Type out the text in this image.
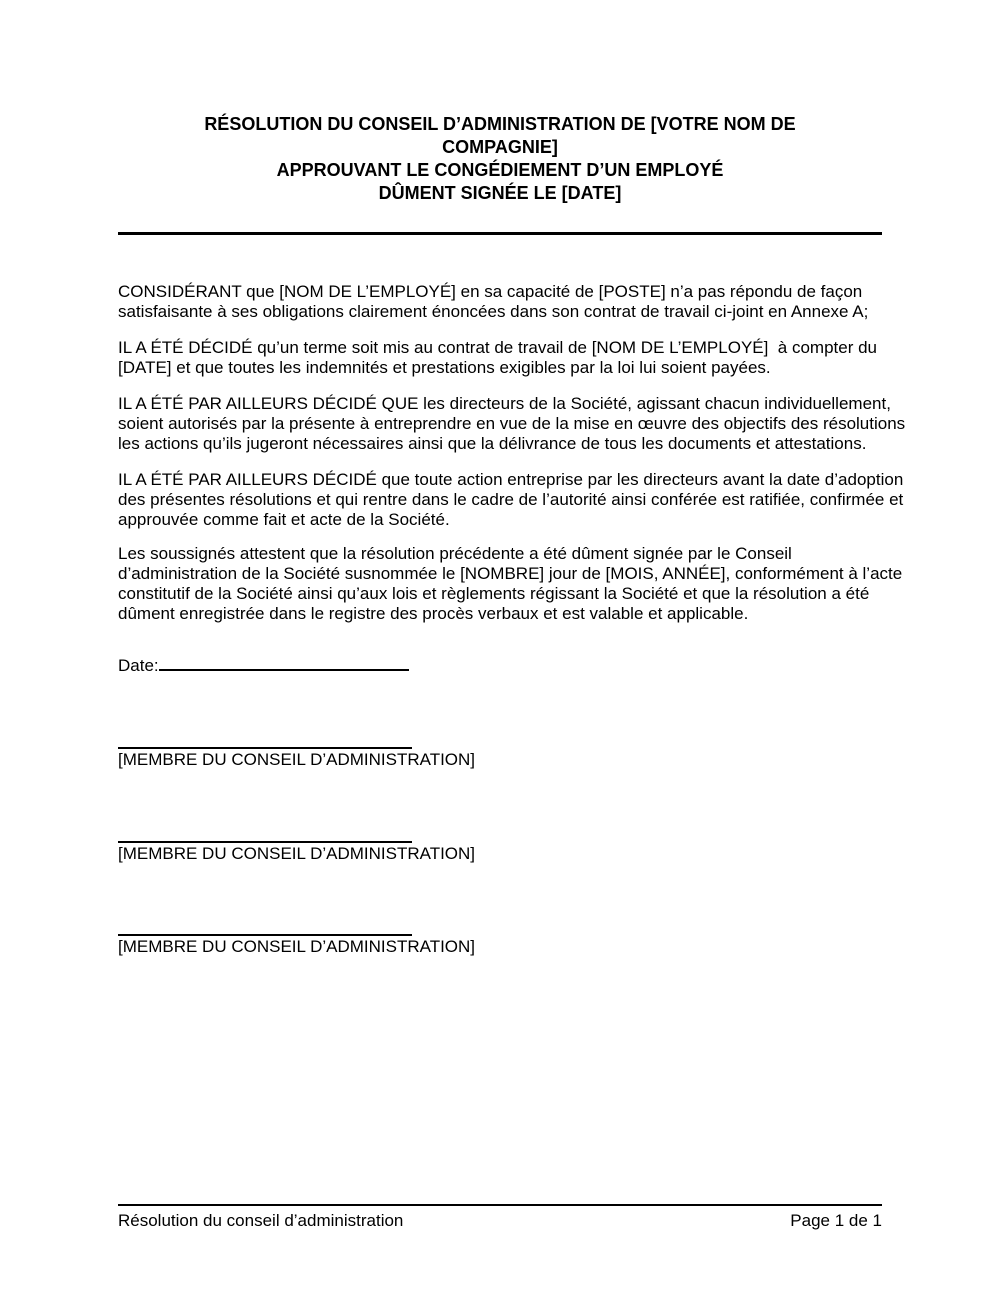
RÉSOLUTION DU CONSEIL D’ADMINISTRATION DE [VOTRE NOM DE
COMPAGNIE]
APPROUVANT LE CONGÉDIEMENT D’UN EMPLOYÉ
DÛMENT SIGNÉE LE [DATE]
CONSIDÉRANT que [NOM DE L’EMPLOYÉ] en sa capacité de [POSTE] n’a pas répondu de façon
satisfaisante à ses obligations clairement énoncées dans son contrat de travail ci-joint en Annexe A;
IL A ÉTÉ DÉCIDÉ qu’un terme soit mis au contrat de travail de [NOM DE L’EMPLOYÉ]  à compter du
[DATE] et que toutes les indemnités et prestations exigibles par la loi lui soient payées.
IL A ÉTÉ PAR AILLEURS DÉCIDÉ QUE les directeurs de la Société, agissant chacun individuellement,
soient autorisés par la présente à entreprendre en vue de la mise en œuvre des objectifs des résolutions
les actions qu’ils jugeront nécessaires ainsi que la délivrance de tous les documents et attestations.
IL A ÉTÉ PAR AILLEURS DÉCIDÉ que toute action entreprise par les directeurs avant la date d’adoption
des présentes résolutions et qui rentre dans le cadre de l’autorité ainsi conférée est ratifiée, confirmée et
approuvée comme fait et acte de la Société.
Les soussignés attestent que la résolution précédente a été dûment signée par le Conseil
d’administration de la Société susnommée le [NOMBRE] jour de [MOIS, ANNÉE], conformément à l’acte
constitutif de la Société ainsi qu’aux lois et règlements régissant la Société et que la résolution a été
dûment enregistrée dans le registre des procès verbaux et est valable et applicable.
Date:
[MEMBRE DU CONSEIL D’ADMINISTRATION]
[MEMBRE DU CONSEIL D’ADMINISTRATION]
[MEMBRE DU CONSEIL D’ADMINISTRATION]
Résolution du conseil d’administration	Page 1 de 1
